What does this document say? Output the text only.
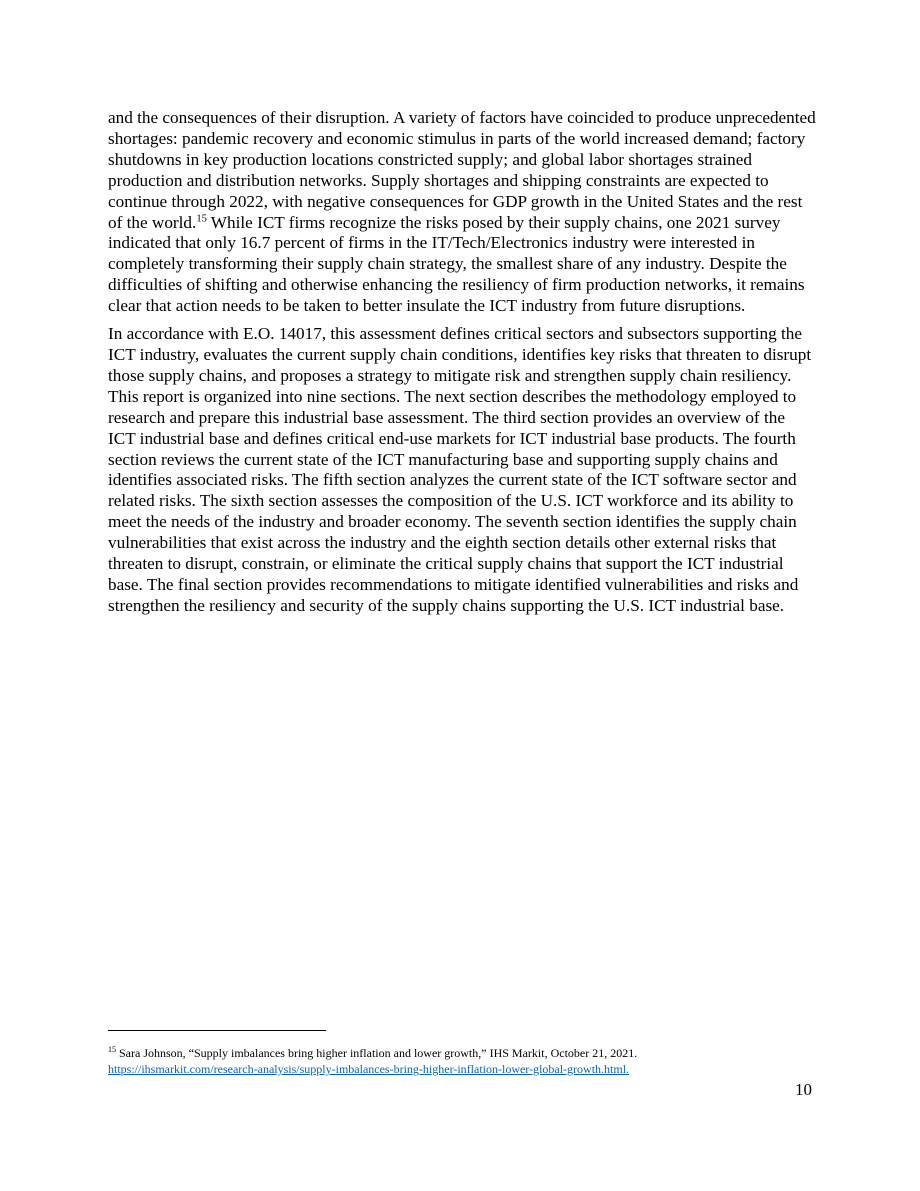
and the consequences of their disruption. A variety of factors have coincided to produce unprecedented shortages: pandemic recovery and economic stimulus in parts of the world increased demand; factory shutdowns in key production locations constricted supply; and global labor shortages strained production and distribution networks. Supply shortages and shipping constraints are expected to continue through 2022, with negative consequences for GDP growth in the United States and the rest of the world.$^{15}$ While ICT firms recognize the risks posed by their supply chains, one 2021 survey indicated that only 16.7 percent of firms in the IT/Tech/Electronics industry were interested in completely transforming their supply chain strategy, the smallest share of any industry. Despite the difficulties of shifting and otherwise enhancing the resiliency of firm production networks, it remains clear that action needs to be taken to better insulate the ICT industry from future disruptions.

In accordance with E.O. 14017, this assessment defines critical sectors and subsectors supporting the ICT industry, evaluates the current supply chain conditions, identifies key risks that threaten to disrupt those supply chains, and proposes a strategy to mitigate risk and strengthen supply chain resiliency. This report is organized into nine sections. The next section describes the methodology employed to research and prepare this industrial base assessment. The third section provides an overview of the ICT industrial base and defines critical end-use markets for ICT industrial base products. The fourth section reviews the current state of the ICT manufacturing base and supporting supply chains and identifies associated risks. The fifth section analyzes the current state of the ICT software sector and related risks. The sixth section assesses the composition of the U.S. ICT workforce and its ability to meet the needs of the industry and broader economy. The seventh section identifies the supply chain vulnerabilities that exist across the industry and the eighth section details other external risks that threaten to disrupt, constrain, or eliminate the critical supply chains that support the ICT industrial base. The final section provides recommendations to mitigate identified vulnerabilities and risks and strengthen the resiliency and security of the supply chains supporting the U.S. ICT industrial base.

$^{15}$ Sara Johnson, “Supply imbalances bring higher inflation and lower growth,” IHS Markit, October 21, 2021.
https://ihsmarkit.com/research-analysis/supply-imbalances-bring-higher-inflation-lower-global-growth.html.
10
